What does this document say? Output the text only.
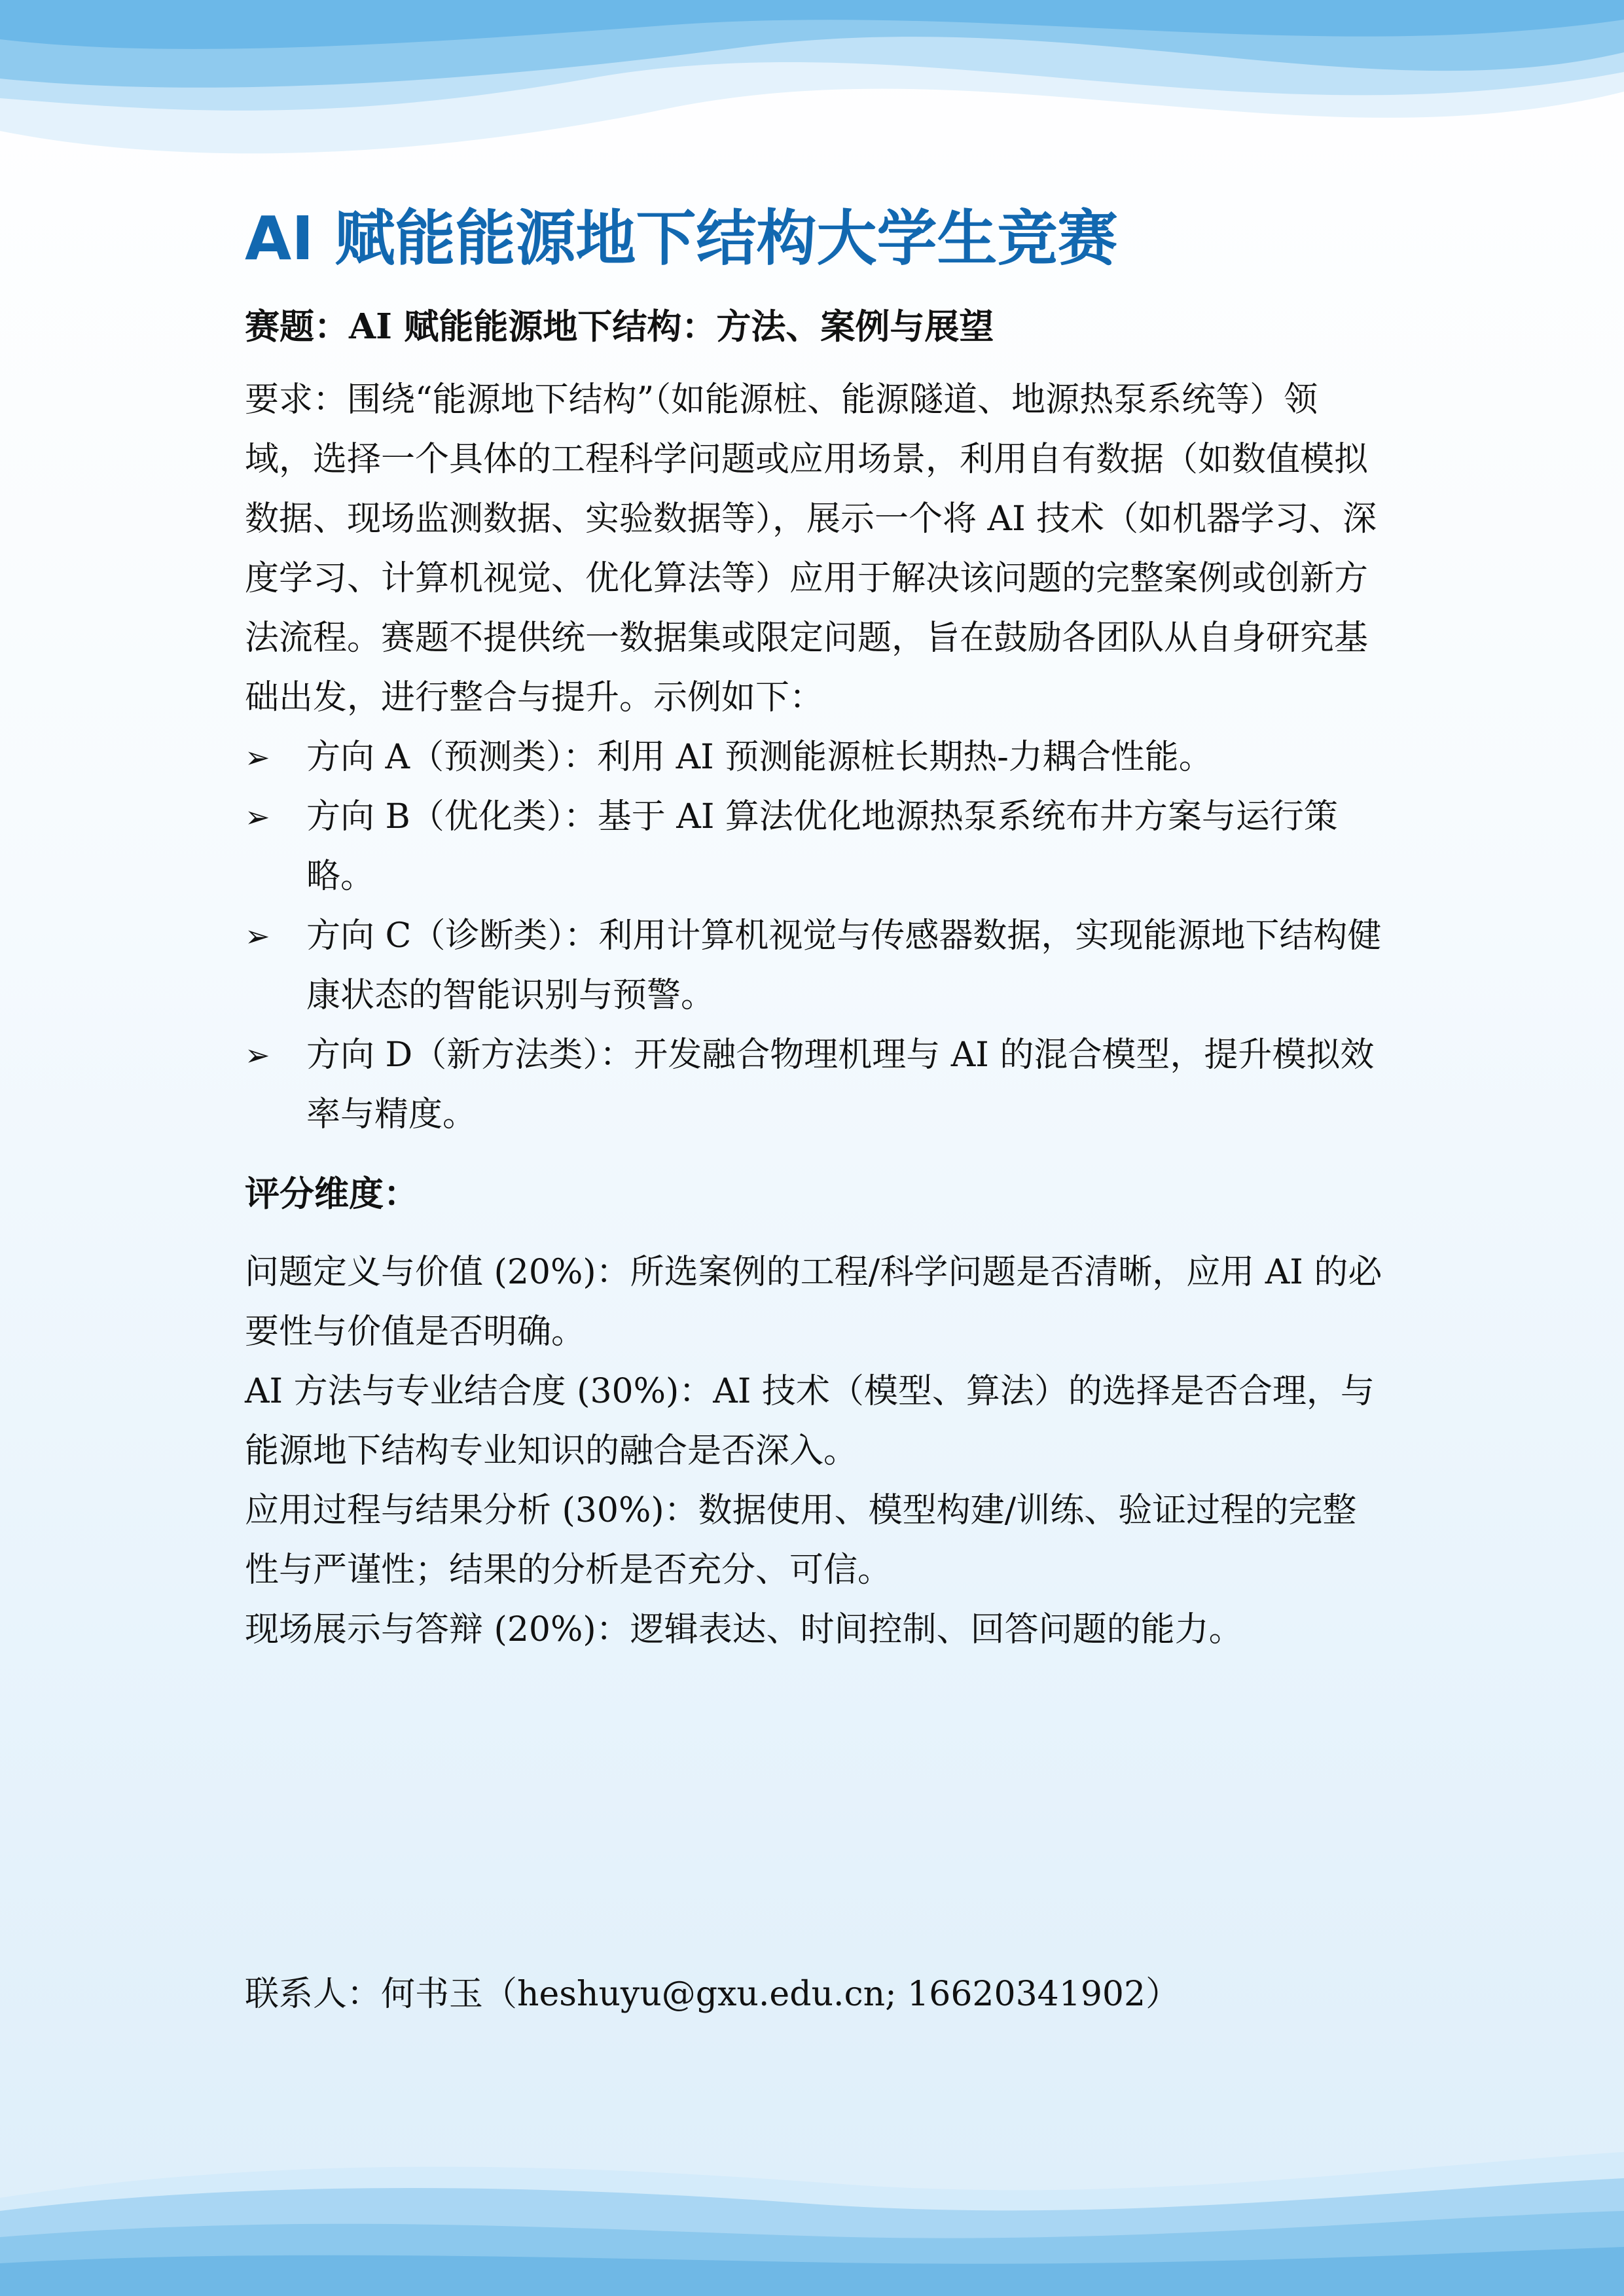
AI 赋能能源地下结构大学生竞赛

赛题：AI 赋能能源地下结构：方法、案例与展望

要求：围绕“能源地下结构”（如能源桩、能源隧道、地源热泵系统等）领域，选择一个具体的工程科学问题或应用场景，利用自有数据（如数值模拟数据、现场监测数据、实验数据等），展示一个将 AI 技术（如机器学习、深度学习、计算机视觉、优化算法等）应用于解决该问题的完整案例或创新方法流程。赛题不提供统一数据集或限定问题，旨在鼓励各团队从自身研究基础出发，进行整合与提升。示例如下：

➢ 方向 A（预测类）：利用 AI 预测能源桩长期热-力耦合性能。
➢ 方向 B（优化类）：基于 AI 算法优化地源热泵系统布井方案与运行策略。
➢ 方向 C（诊断类）：利用计算机视觉与传感器数据，实现能源地下结构健康状态的智能识别与预警。
➢ 方向 D（新方法类）：开发融合物理机理与 AI 的混合模型，提升模拟效率与精度。

评分维度：

问题定义与价值 (20%)：所选案例的工程/科学问题是否清晰，应用 AI 的必要性与价值是否明确。

AI 方法与专业结合度 (30%)：AI 技术（模型、算法）的选择是否合理，与能源地下结构专业知识的融合是否深入。

应用过程与结果分析 (30%)：数据使用、模型构建/训练、验证过程的完整性与严谨性；结果的分析是否充分、可信。

现场展示与答辩 (20%)：逻辑表达、时间控制、回答问题的能力。

联系人：何书玉（heshuyu@gxu.edu.cn; 16620341902）
